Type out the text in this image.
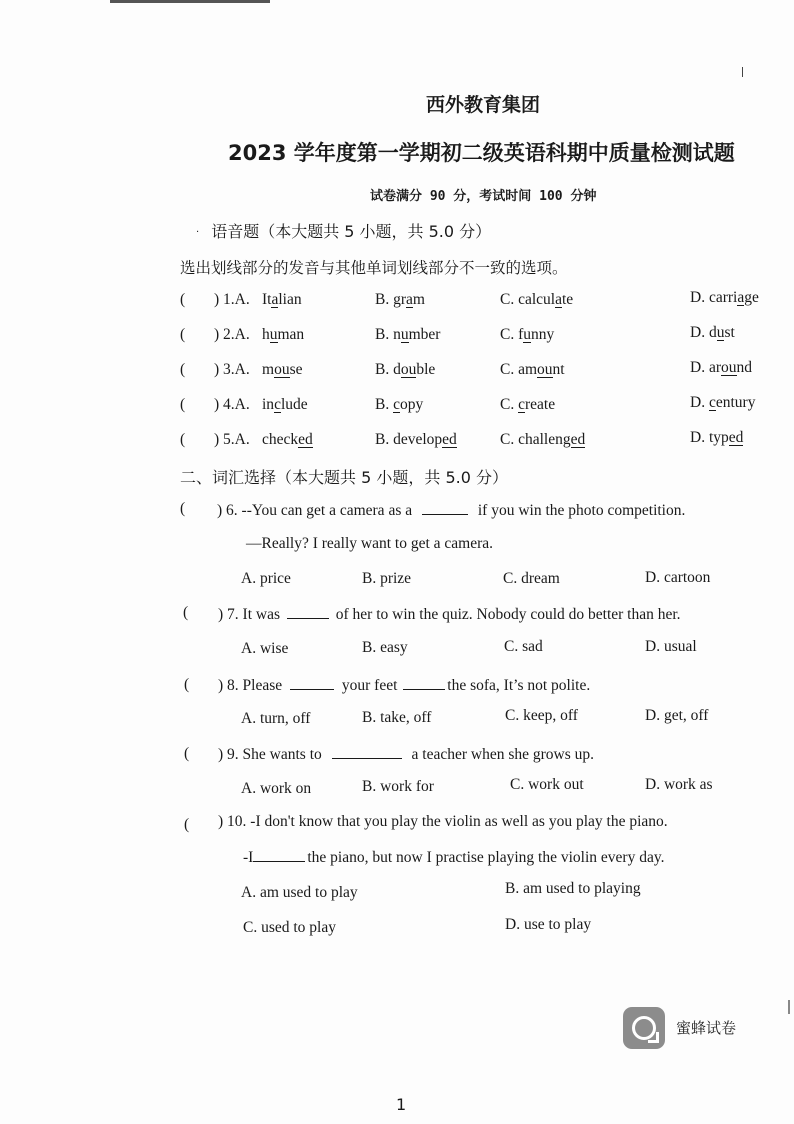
西外教育集团
2023 学年度第一学期初二级英语科期中质量检测试题
试卷满分 90 分，考试时间 100 分钟
· 语音题（本大题共 5 小题，共 5.0 分）
选出划线部分的发音与其他单词划线部分不一致的选项。
( ) 1.A. Italian	B. gram	C. calculate	D. carriage
( ) 2.A. human	B. number	C. funny	D. dust
( ) 3.A. mouse	B. double	C. amount	D. around
( ) 4.A. include	B. copy	C. create	D. century
( ) 5.A. checked	B. developed	C. challenged	D. typed
二、词汇选择（本大题共 5 小题，共 5.0 分）
( ) 6. --You can get a camera as a	if you win the photo competition.
—Really? I really want to get a camera.
A. price	B. prize	C. dream	D. cartoon
( ) 7. It was	of her to win the quiz. Nobody could do better than her.
A. wise	B. easy	C. sad	D. usual
( ) 8. Please	your feet	the sofa, It’s not polite.
A. turn, off	B. take, off	C. keep, off	D. get, off
( ) 9. She wants to	a teacher when she grows up.
A. work on	B. work for	C. work out	D. work as
( ) 10. -I don't know that you play the violin as well as you play the piano.
-I	the piano, but now I practise playing the violin every day.
A. am used to play	B. am used to playing
C. used to play	D. use to play
蜜蜂试卷
1
